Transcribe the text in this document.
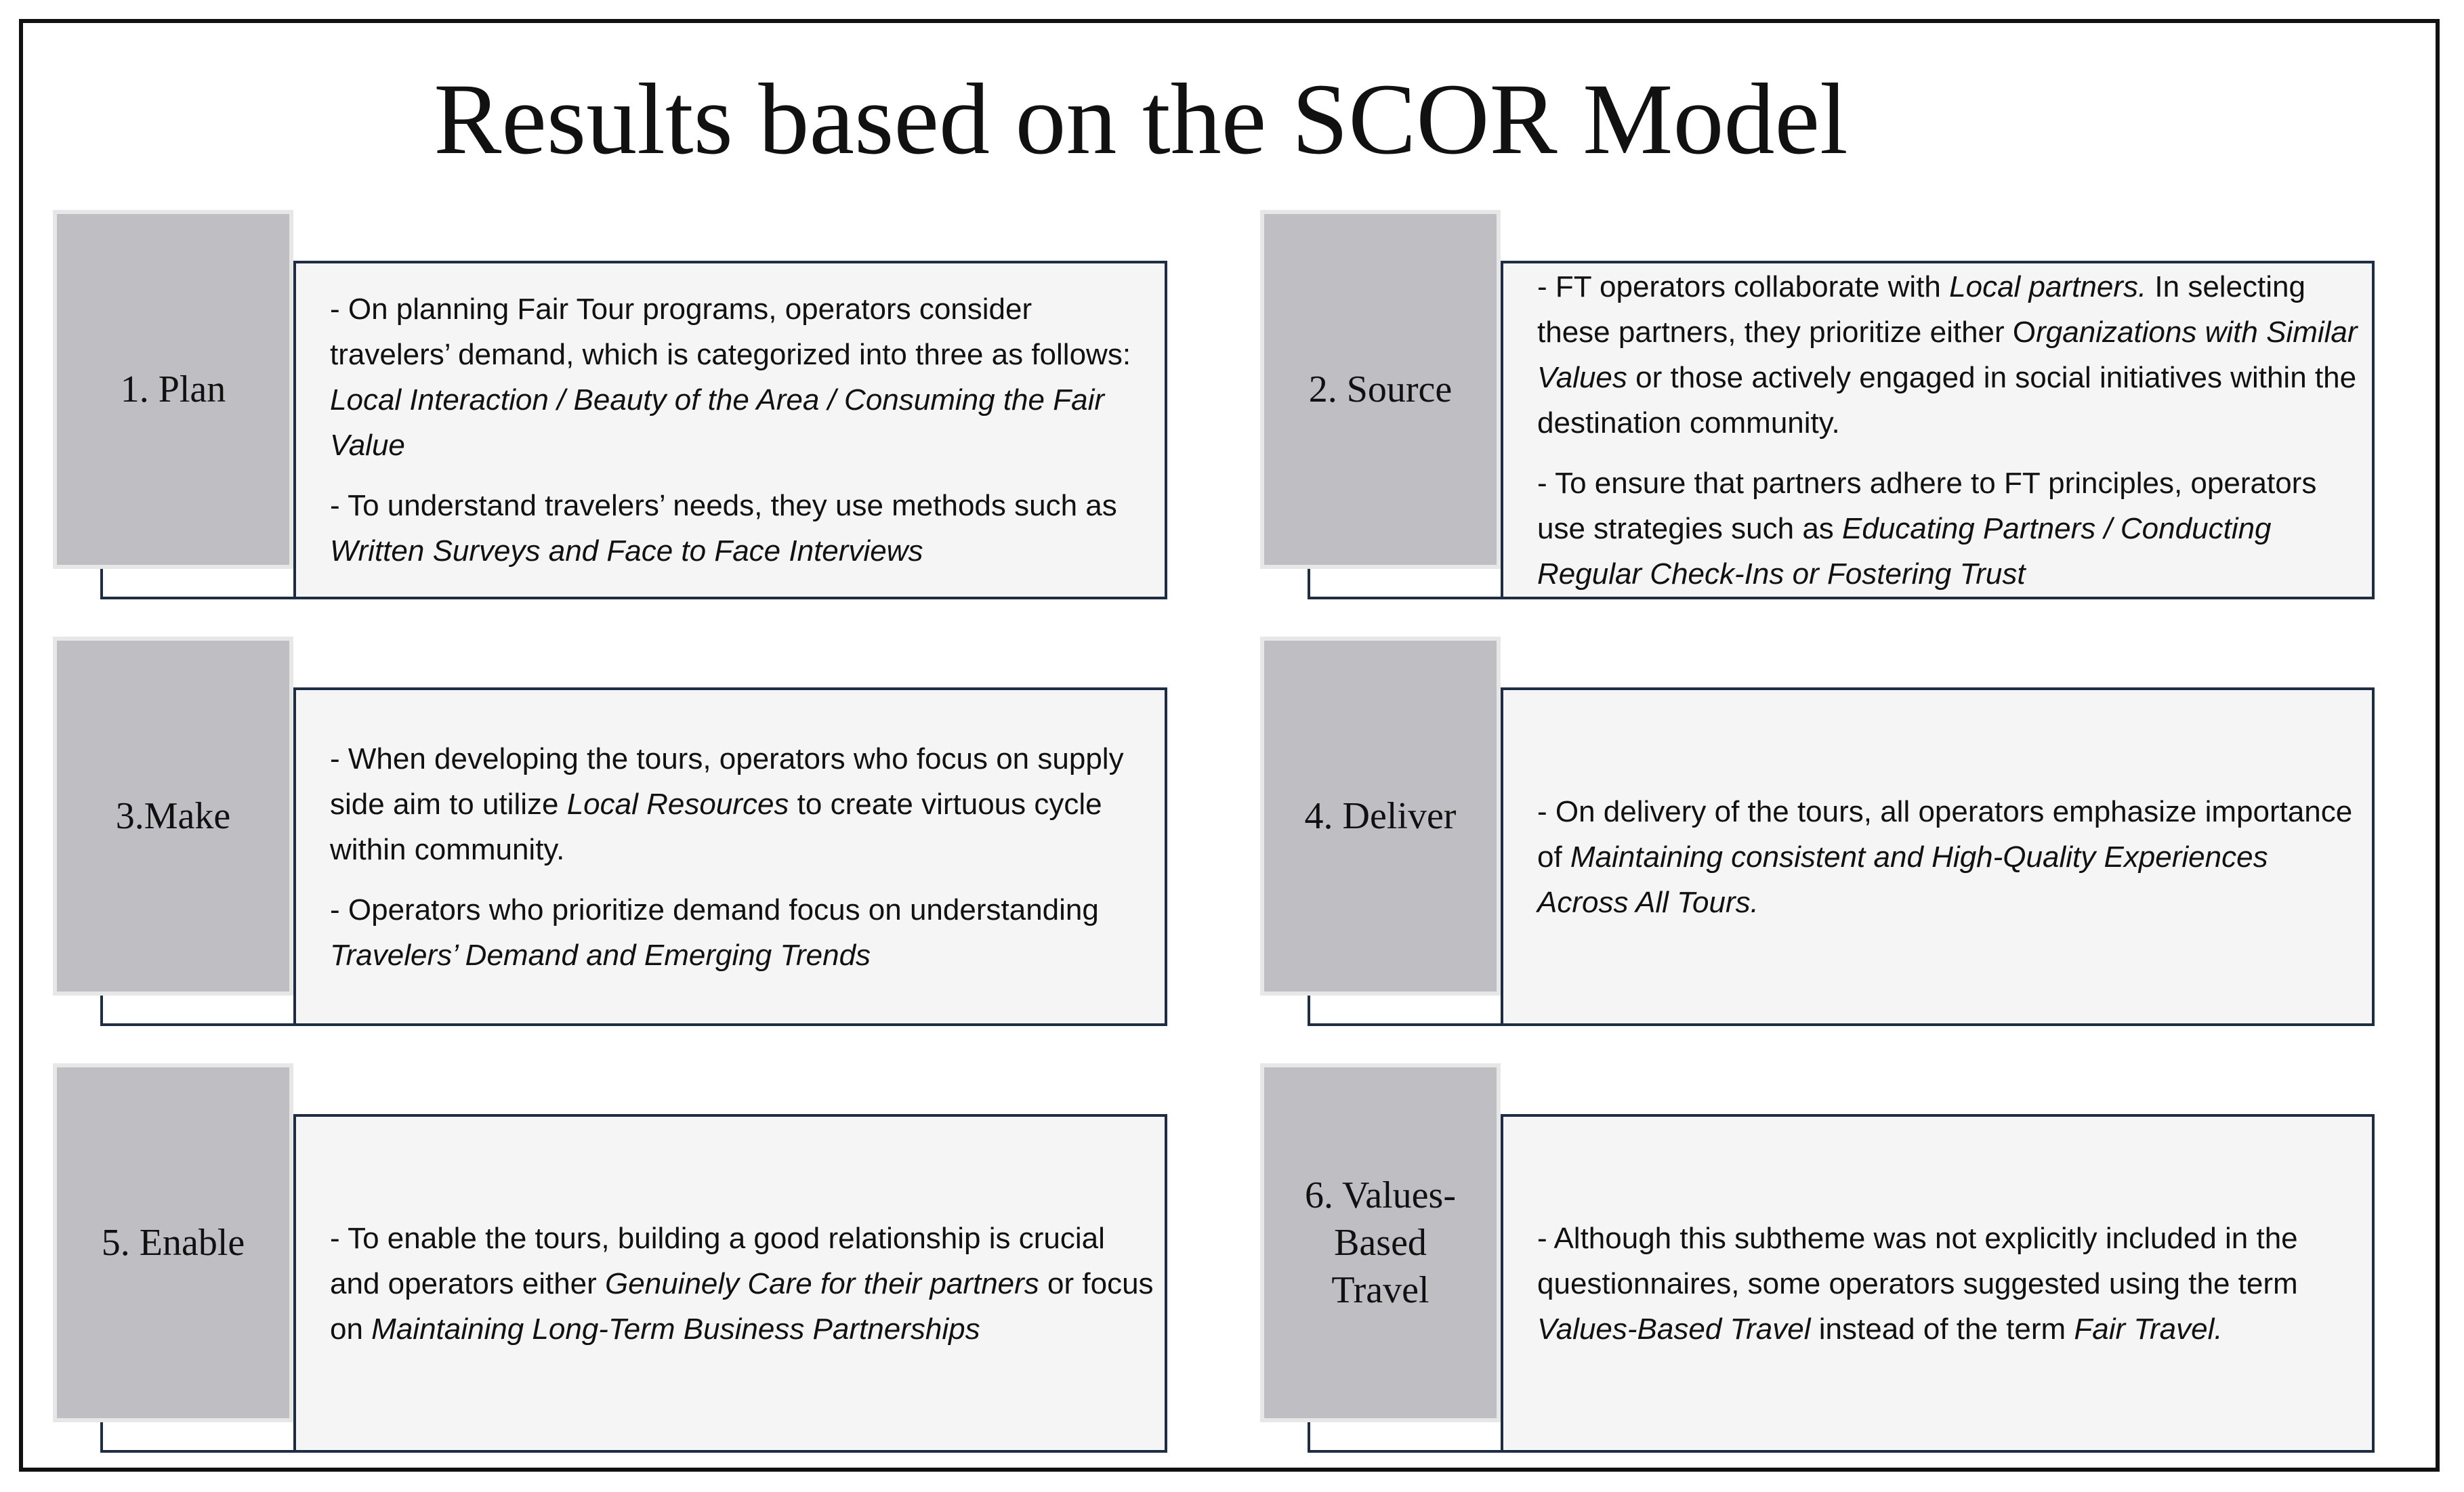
Results based on the SCOR Model

- On planning Fair Tour programs, operators consider travelers’ demand, which is categorized into three as follows: Local Interaction / Beauty of the Area / Consuming the Fair Value

- To understand travelers’ needs, they use methods such as Written Surveys and Face to Face Interviews

1. Plan

- FT operators collaborate with Local partners. In selecting these partners, they prioritize either Organizations with Similar Values or those actively engaged in social initiatives within the destination community.

- To ensure that partners adhere to FT principles, operators use strategies such as Educating Partners / Conducting Regular Check-Ins or Fostering Trust

2. Source

- When developing the tours, operators who focus on supply side aim to utilize Local Resources to create virtuous cycle within community.

- Operators who prioritize demand focus on understanding Travelers’ Demand and Emerging Trends

3.Make	- On delivery of the tours, all operators emphasize importance of Maintaining consistent and High-Quality Experiences Across All Tours.

4. Deliver

- To enable the tours, building a good relationship is crucial and operators either Genuinely Care for their partners or focus on Maintaining Long-Term Business Partnerships

5. Enable	- Although this subtheme was not explicitly included in the questionnaires, some operators suggested using the term Values-Based Travel instead of the term Fair Travel.

6. Values-
Based
Travel
